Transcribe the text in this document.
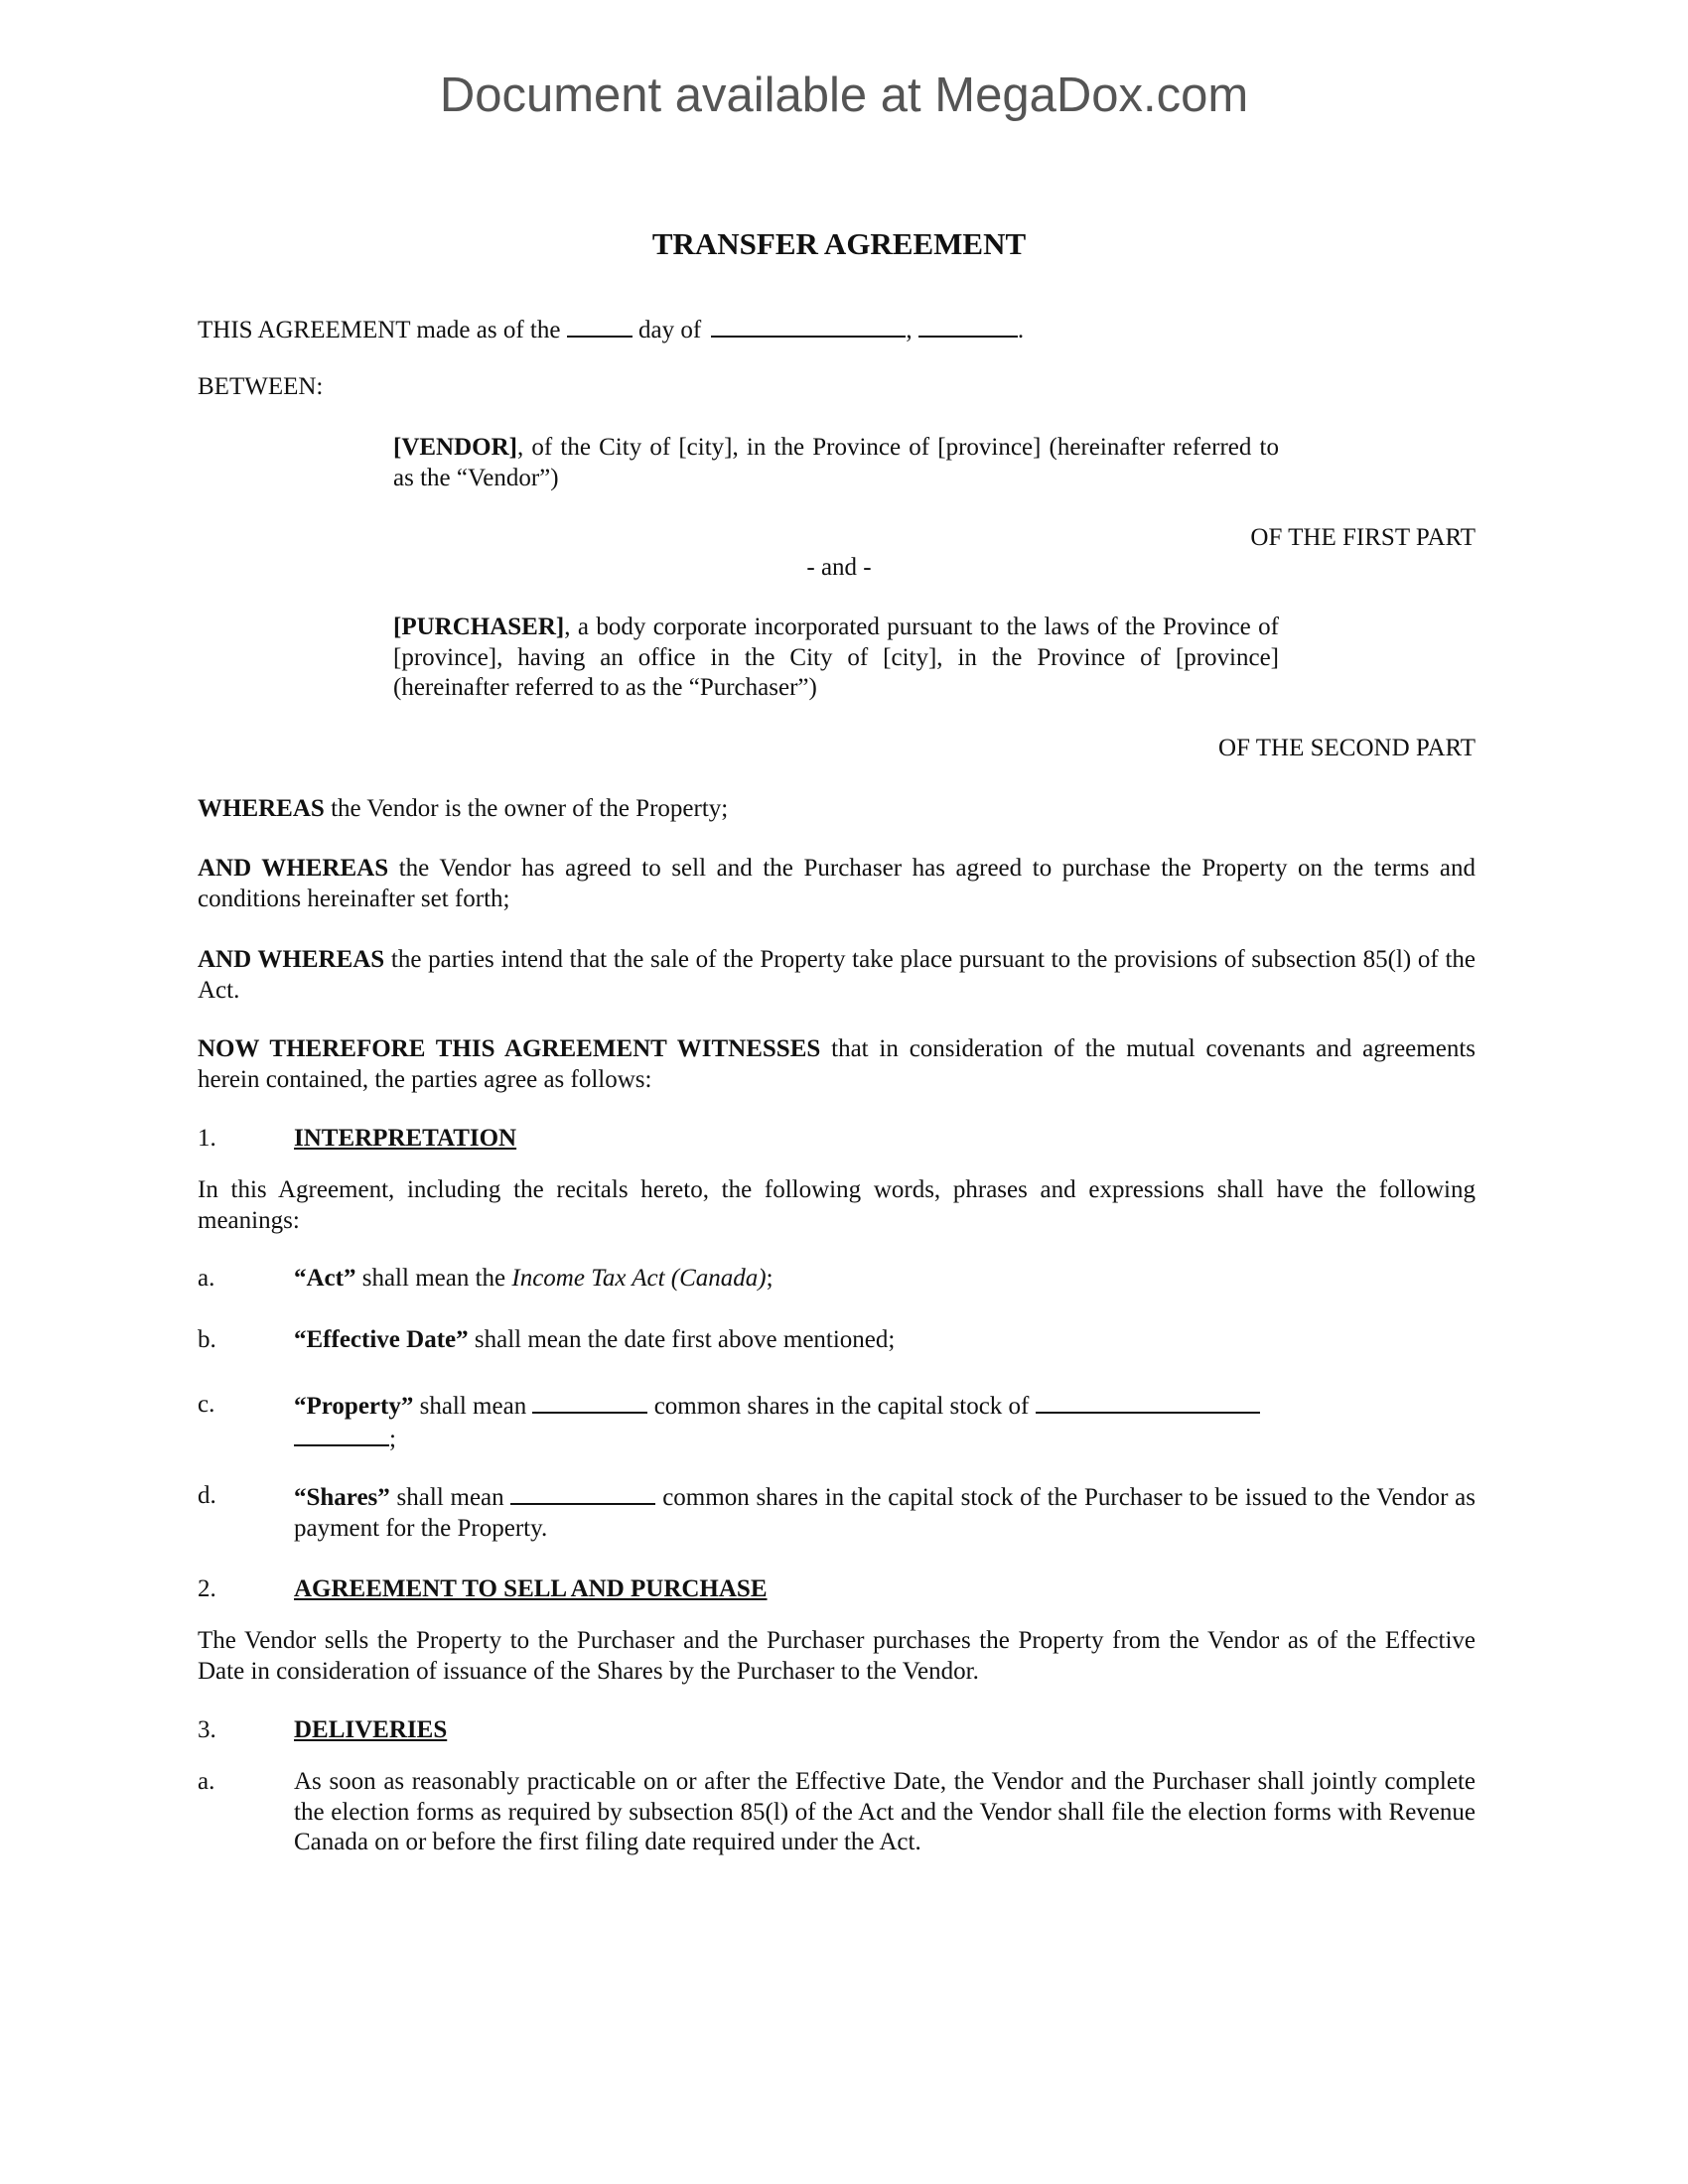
Document available at MegaDox.com
TRANSFER AGREEMENT
THIS AGREEMENT made as of the	day of	,	.
BETWEEN:
[VENDOR], of the City of [city], in the Province of [province] (hereinafter referred to as the “Vendor”)
OF THE FIRST PART
- and -
[PURCHASER], a body corporate incorporated pursuant to the laws of the Province of [province], having an office in the City of [city], in the Province of [province] (hereinafter referred to as the “Purchaser”)
OF THE SECOND PART
WHEREAS the Vendor is the owner of the Property;
AND WHEREAS the Vendor has agreed to sell and the Purchaser has agreed to purchase the Property on the terms and conditions hereinafter set forth;
AND WHEREAS the parties intend that the sale of the Property take place pursuant to the provisions of subsection 85(l) of the Act.
NOW THEREFORE THIS AGREEMENT WITNESSES that in consideration of the mutual covenants and agreements herein contained, the parties agree as follows:
1.	INTERPRETATION
In this Agreement, including the recitals hereto, the following words, phrases and expressions shall have the following meanings:
a.	“Act” shall mean the Income Tax Act (Canada);
b.	“Effective Date” shall mean the date first above mentioned;
c.	“Property” shall mean	common shares in the capital stock of
;
d.	“Shares” shall mean	common shares in the capital stock of the Purchaser to be issued to the Vendor as payment for the Property.
2.	AGREEMENT TO SELL AND PURCHASE
The Vendor sells the Property to the Purchaser and the Purchaser purchases the Property from the Vendor as of the Effective Date in consideration of issuance of the Shares by the Purchaser to the Vendor.
3.	DELIVERIES
a.	As soon as reasonably practicable on or after the Effective Date, the Vendor and the Purchaser shall jointly complete the election forms as required by subsection 85(l) of the Act and the Vendor shall file the election forms with Revenue Canada on or before the first filing date required under the Act.
